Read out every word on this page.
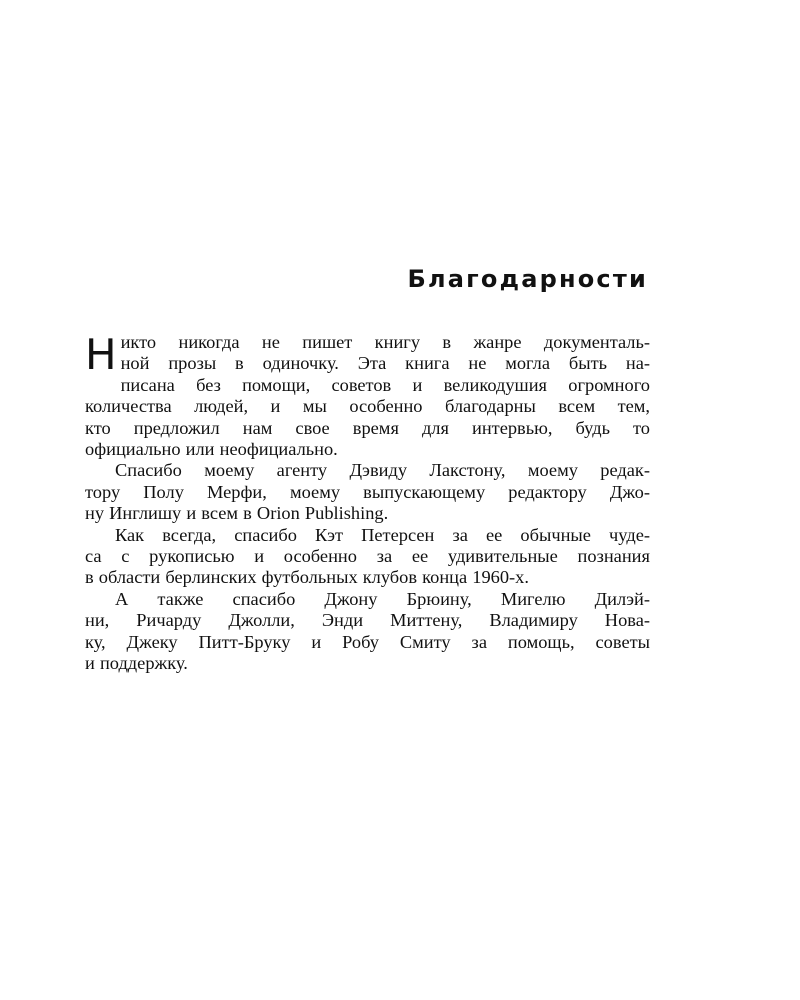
Благодарности
Н икто никогда не пишет книгу в жанре документаль-
ной прозы в одиночку. Эта книга не могла быть на-
писана без помощи, советов и великодушия огромного
количества людей, и мы особенно благодарны всем тем,
кто предложил нам свое время для интервью, будь то
официально или неофициально.
Спасибо моему агенту Дэвиду Лакстону, моему редак-
тору Полу Мерфи, моему выпускающему редактору Джо-
ну Инглишу и всем в Orion Publishing.
Как всегда, спасибо Кэт Петерсен за ее обычные чуде-
са с рукописью и особенно за ее удивительные познания
в области берлинских футбольных клубов конца 1960-х.
А также спасибо Джону Брюину, Мигелю Дилэй-
ни, Ричарду Джолли, Энди Миттену, Владимиру Нова-
ку, Джеку Питт-Бруку и Робу Смиту за помощь, советы
и поддержку.
